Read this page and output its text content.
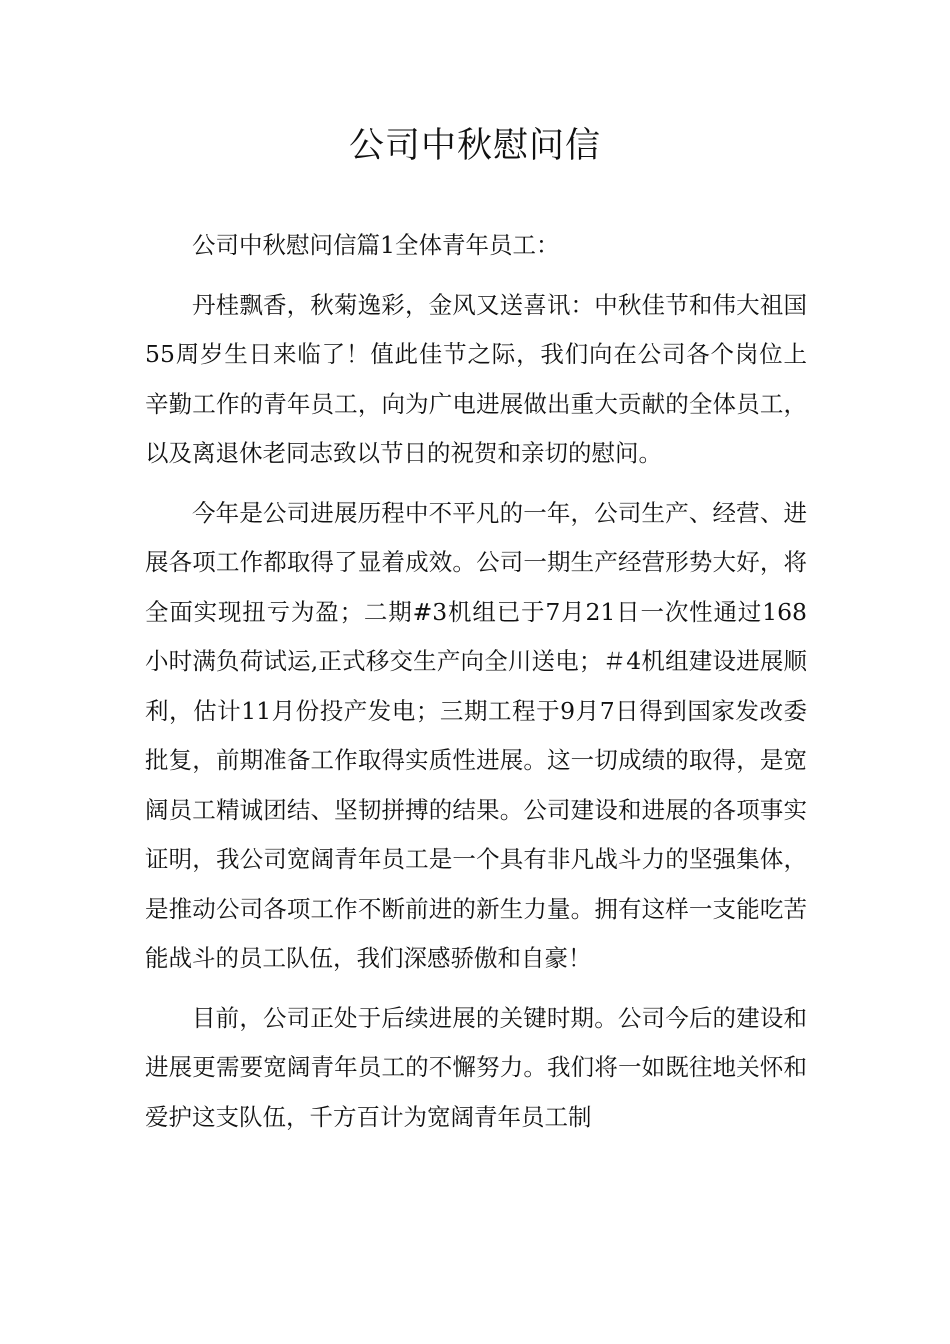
公司中秋慰问信

公司中秋慰问信篇1全体青年员工：

丹桂飘香，秋菊逸彩，金风又送喜讯：中秋佳节和伟大祖国55周岁生日来临了！值此佳节之际，我们向在公司各个岗位上辛勤工作的青年员工，向为广电进展做出重大贡献的全体员工，以及离退休老同志致以节日的祝贺和亲切的慰问。

今年是公司进展历程中不平凡的一年，公司生产、经营、进展各项工作都取得了显着成效。公司一期生产经营形势大好，将全面实现扭亏为盈；二期#3机组已于7月21日一次性通过168小时满负荷试运,正式移交生产向全川送电；＃4机组建设进展顺利，估计11月份投产发电；三期工程于9月7日得到国家发改委批复，前期准备工作取得实质性进展。这一切成绩的取得，是宽阔员工精诚团结、坚韧拼搏的结果。公司建设和进展的各项事实证明，我公司宽阔青年员工是一个具有非凡战斗力的坚强集体，是推动公司各项工作不断前进的新生力量。拥有这样一支能吃苦能战斗的员工队伍，我们深感骄傲和自豪！

目前，公司正处于后续进展的关键时期。公司今后的建设和进展更需要宽阔青年员工的不懈努力。我们将一如既往地关怀和爱护这支队伍，千方百计为宽阔青年员工制
